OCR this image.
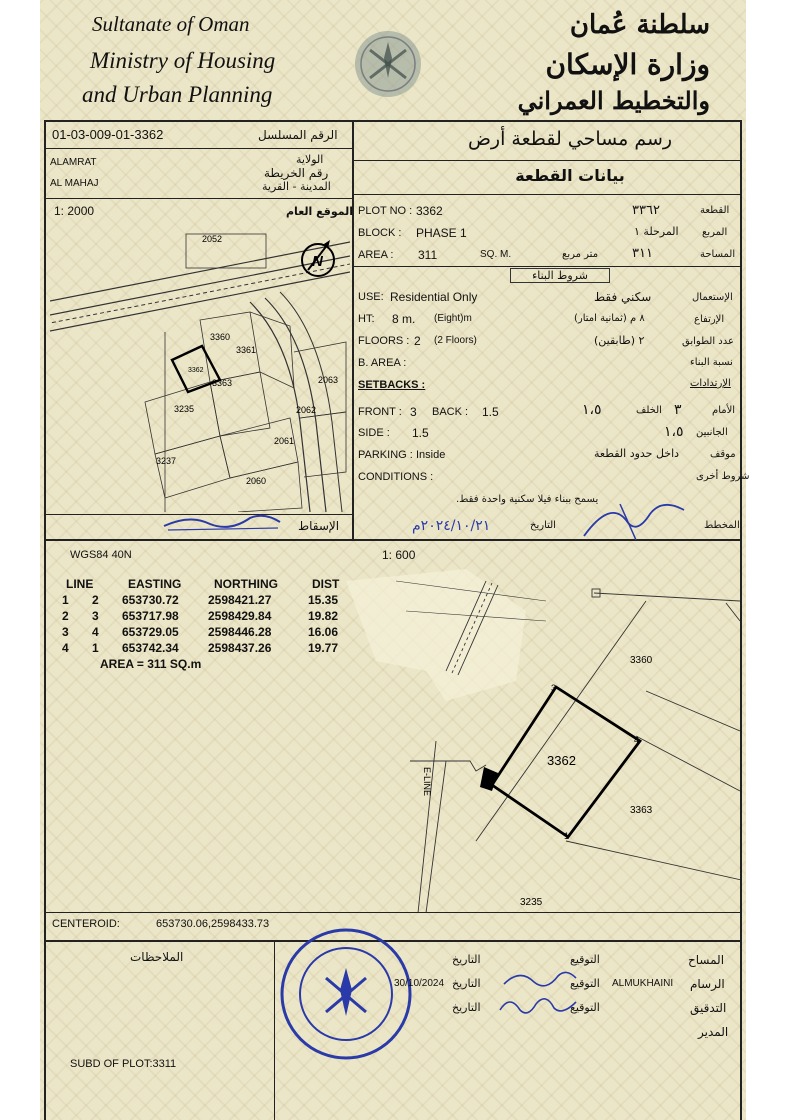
Sultanate of Oman
Ministry of Housing
and Urban Planning
سلطنة عُمان
وزارة الإسكان
والتخطيط العمراني
01-03-009-01-3362	الرقم المسلسل
ALAMRAT	الولاية
رقم الخريطة
AL MAHAJ	المدينة - القرية
1: 2000	الموقع العام
N
2052
3360
3361
3362
3363
3235
2063
2062
2061
3237
2060
الإسقاط
رسم مساحي لقطعة أرض
بيانات القطعة
PLOT NO : 3362	٣٣٦٢	القطعة
BLOCK : PHASE 1	المرحلة ١ المربع
AREA : 311	SQ. M.	متر مربع	٣١١	المساحة
شروط البناء
USE: Residential Only	سكني فقط	الإستعمال
HT: 8 m. (Eight)m	٨ م (ثمانية امتار)	الإرتفاع
FLOORS : 2 (2 Floors)	٢ (طابقين)	عدد الطوابق
B. AREA :	نسبة البناء
SETBACKS :	الإرتدادات
FRONT : 3 BACK : 1.5	١،٥	الخلف ٣	الأمام
SIDE : 1.5	١،٥ الجانبين
PARKING : Inside	داخل حدود القطعة	موقف
CONDITIONS :	شروط أخرى
يسمح ببناء فيلا سكنية واحدة فقط.
٢٠٢٤/١٠/٢١م	التاريخ	المخطط
WGS84 40N	1: 600
LINE	EASTING	NORTHING	DIST
1 2 653730.72 2598421.27	15.35
2 3 653717.98 2598429.84	19.82
3 4 653729.05 2598446.28	16.06
4 1 653742.34 2598437.26	19.77
AREA = 311 SQ.m
3
4
1
2
3362
3360
3363
3235
E-LINE
CENTEROID:	653730.06,2598433.73
الملاحظات
SUBD OF PLOT:3311
المساح
التوقيع
التاريخ
الرسام
ALMUKHAINI
التوقيع
30/10/2024 التاريخ
التدقيق
التوقيع
التاريخ
المدير
